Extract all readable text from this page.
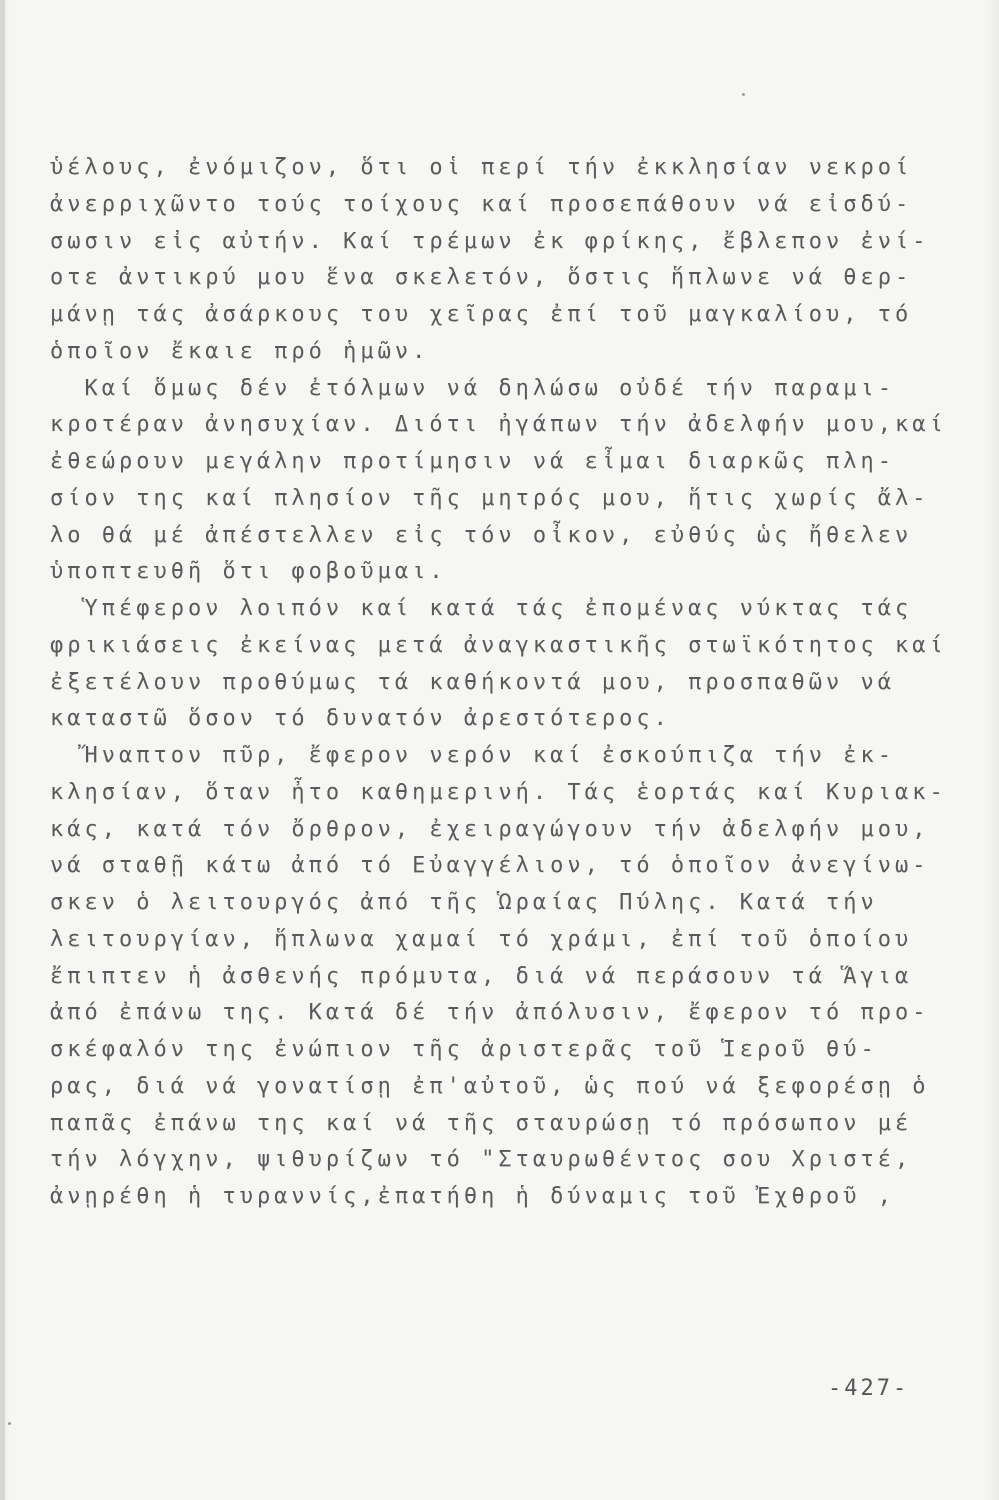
ὑέλους, ἐνόμιζον, ὅτι οἱ περί τήν ἐκκλησίαν νεκροί
ἀνερριχῶντο τούς τοίχους καί προσεπάθουν νά εἰσδύ-
σωσιν εἰς αὐτήν. Καί τρέμων ἐκ φρίκης, ἔβλεπον ἐνί-
οτε ἀντικρύ μου ἕνα σκελετόν, ὅστις ἥπλωνε νά θερ-
μάνῃ τάς ἀσάρκους του χεῖρας ἐπί τοῦ μαγκαλίου, τό
ὁποῖον ἔκαιε πρό ἡμῶν.
Καί ὅμως δέν ἐτόλμων νά δηλώσω οὐδέ τήν παραμι-
κροτέραν ἀνησυχίαν. Διότι ἠγάπων τήν ἀδελφήν μου,καί
ἐθεώρουν μεγάλην προτίμησιν νά εἶμαι διαρκῶς πλη-
σίον της καί πλησίον τῆς μητρός μου, ἥτις χωρίς ἄλ-
λο θά μέ ἀπέστελλεν εἰς τόν οἶκον, εὐθύς ὡς ἤθελεν
ὑποπτευθῆ ὅτι φοβοῦμαι.
Ὑπέφερον λοιπόν καί κατά τάς ἐπομένας νύκτας τάς
φρικιάσεις ἐκείνας μετά ἀναγκαστικῆς στωϊκότητος καί
ἐξετέλουν προθύμως τά καθήκοντά μου, προσπαθῶν νά
καταστῶ ὅσον τό δυνατόν ἀρεστότερος.
Ἤναπτον πῦρ, ἔφερον νερόν καί ἐσκούπιζα τήν ἐκ-
κλησίαν, ὅταν ἦτο καθημερινή. Τάς ἑορτάς καί Κυριακ-
κάς, κατά τόν ὄρθρον, ἐχειραγώγουν τήν ἀδελφήν μου,
νά σταθῇ κάτω ἀπό τό Εὐαγγέλιον, τό ὁποῖον ἀνεγίνω-
σκεν ὁ λειτουργός ἀπό τῆς Ὡραίας Πύλης. Κατά τήν
λειτουργίαν, ἥπλωνα χαμαί τό χράμι, ἐπί τοῦ ὁποίου
ἔπιπτεν ἡ ἀσθενής πρόμυτα, διά νά περάσουν τά Ἅγια
ἀπό ἐπάνω της. Κατά δέ τήν ἀπόλυσιν, ἔφερον τό προ-
σκέφαλόν της ἐνώπιον τῆς ἀριστερᾶς τοῦ Ἱεροῦ θύ-
ρας, διά νά γονατίσῃ ἐπ'αὐτοῦ, ὡς πού νά ξεφορέσῃ ὁ
παπᾶς ἐπάνω της καί νά τῆς σταυρώσῃ τό πρόσωπον μέ
τήν λόγχην, ψιθυρίζων τό "Σταυρωθέντος σου Χριστέ,
ἀνῃρέθη ἡ τυραννίς,ἐπατήθη ἡ δύναμις τοῦ Ἐχθροῦ ,
-427-
